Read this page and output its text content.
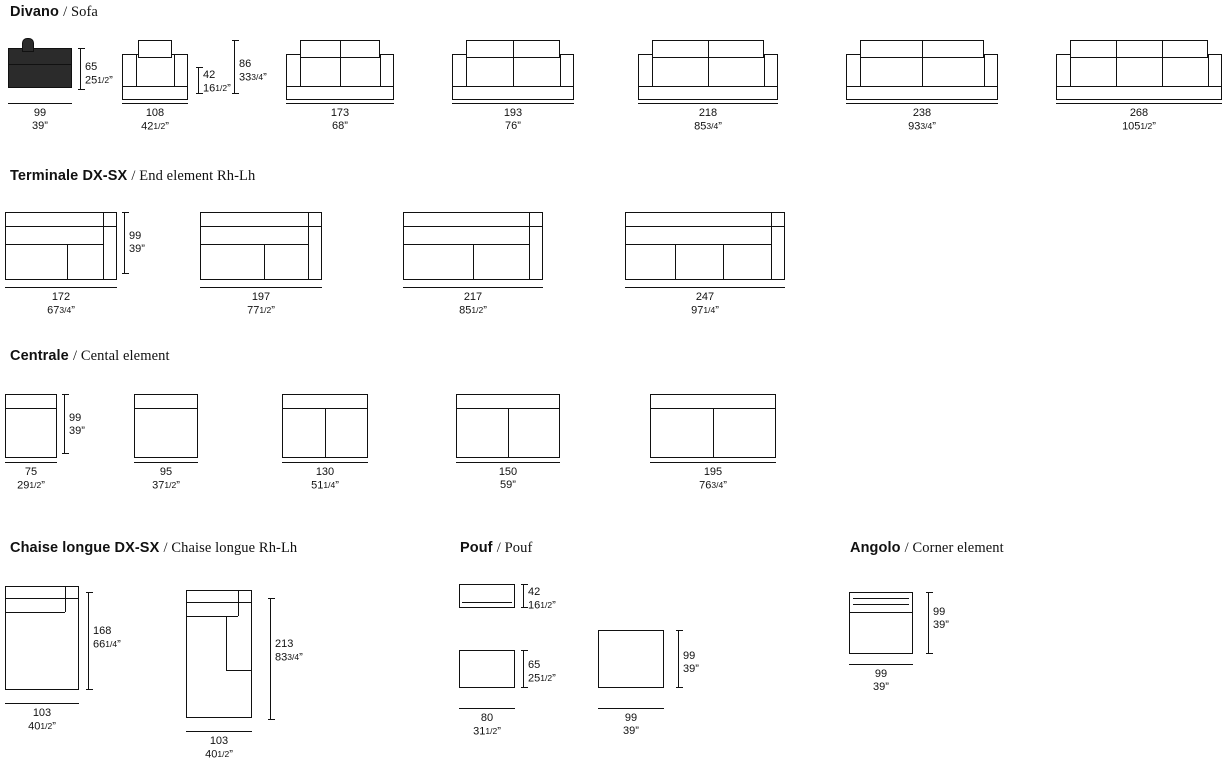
Divano / Sofa
99
39”
65
251/2”
108
421/2”
42
161/2”
86
333/4”
173
68”
193
76”
218
853/4”
238
933/4”
268
1051/2”
Terminale DX-SX / End element Rh-Lh
172
673/4”
99
39”
197
771/2”
217
851/2”
247
971/4”
Centrale / Cental element
75
291/2”
99
39”
95
371/2”
130
511/4”
150
59”
195
763/4”
Chaise longue DX-SX / Chaise longue Rh-Lh
168
661/4”
103
401/2”
213
833/4”
103
401/2”
Pouf / Pouf
42
161/2”
65
251/2”
80
311/2”
99
39”
99
39”
Angolo / Corner element
99
39”
99
39”
